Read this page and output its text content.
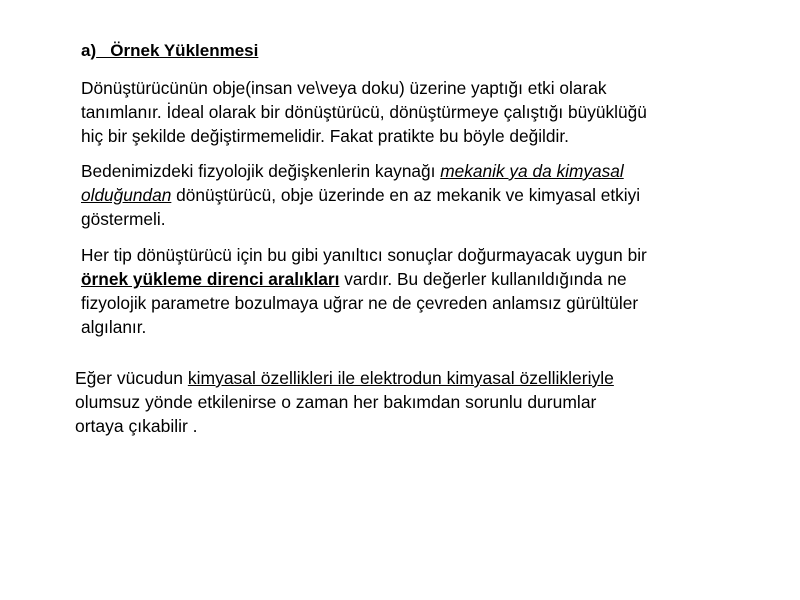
a)   Örnek Yüklenmesi
Dönüştürücünün obje(insan ve\veya doku) üzerine yaptığı etki olarak
tanımlanır. İdeal olarak bir dönüştürücü, dönüştürmeye çalıştığı büyüklüğü
hiç bir şekilde değiştirmemelidir. Fakat pratikte bu böyle değildir.
Bedenimizdeki fizyolojik değişkenlerin kaynağı mekanik ya da kimyasal
olduğundan dönüştürücü, obje üzerinde en az mekanik ve kimyasal etkiyi
göstermeli.
Her tip dönüştürücü için bu gibi yanıltıcı sonuçlar doğurmayacak uygun bir
örnek yükleme direnci aralıkları vardır. Bu değerler kullanıldığında ne
fizyolojik parametre bozulmaya uğrar ne de çevreden anlamsız gürültüler
algılanır.
Eğer vücudun kimyasal özellikleri ile elektrodun kimyasal özellikleriyle
olumsuz yönde etkilenirse o zaman her bakımdan sorunlu durumlar
ortaya çıkabilir .
